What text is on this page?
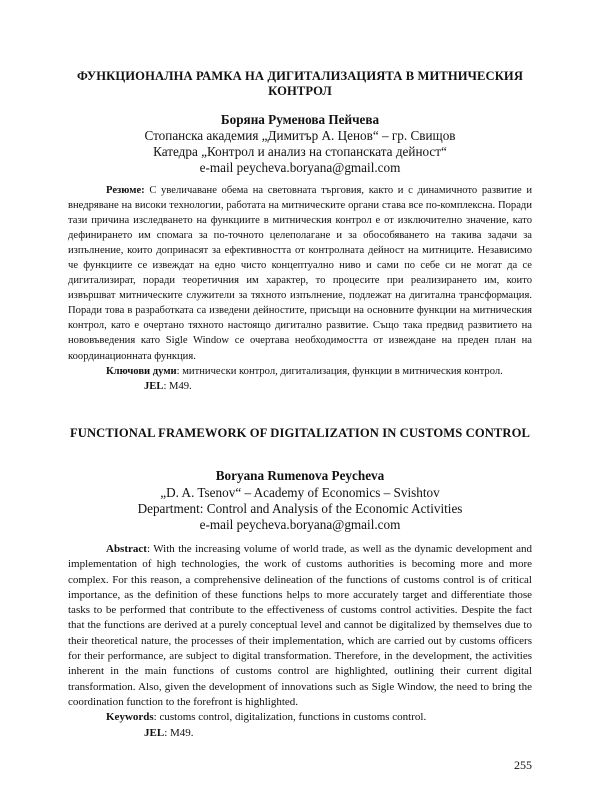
ФУНКЦИОНАЛНА РАМКА НА ДИГИТАЛИЗАЦИЯТА В МИТНИЧЕСКИЯ КОНТРОЛ
Боряна Руменова Пейчева
Стопанска академия „Димитър А. Ценов“ – гр. Свищов
Катедра „Контрол и анализ на стопанската дейност“
e-mail peycheva.boryana@gmail.com

Резюме: С увеличаване обема на световната търговия, както и с динамичното развитие и внедряване на високи технологии, работата на митническите органи става все по-комплексна. Поради тази причина изследването на функциите в митническия контрол е от изключително значение, като дефинирането им спомага за по-точното целеполагане и за обособяването на такива задачи за изпълнение, които допринасят за ефективността от контролната дейност на митниците. Независимо че функциите се извеждат на едно чисто концептуално ниво и сами по себе си не могат да се дигитализират, поради теоретичния им характер, то процесите при реализирането им, които извършват митническите служители за тяхното изпълнение, подлежат на дигитална трансформация. Поради това в разработката са изведени дейностите, присъщи на основните функции на митническия контрол, като е очертано тяхното настоящо дигитално развитие. Също така предвид развитието на нововъведения като Sigle Window се очертава необходимостта от извеждане на преден план на координационната функция.

Ключови думи: митнически контрол, дигитализация, функции в митническия контрол.

JEL: M49.

FUNCTIONAL FRAMEWORK OF DIGITALIZATION IN CUSTOMS CONTROL
Boryana Rumenova Peycheva
„D. A. Tsenov“ – Academy of Economics – Svishtov
Department: Control and Analysis of the Economic Activities
e-mail peycheva.boryana@gmail.com

Abstract: With the increasing volume of world trade, as well as the dynamic development and implementation of high technologies, the work of customs authorities is becoming more and more complex. For this reason, a comprehensive delineation of the functions of customs control is of critical importance, as the definition of these functions helps to more accurately target and differentiate those tasks to be performed that contribute to the effectiveness of customs control activities. Despite the fact that the functions are derived at a purely conceptual level and cannot be digitalized by themselves due to their theoretical nature, the processes of their implementation, which are carried out by customs officers for their performance, are subject to digital transformation. Therefore, in the development, the activities inherent in the main functions of customs control are highlighted, outlining their current digital transformation. Also, given the development of innovations such as Sigle Window, the need to bring the coordination function to the forefront is highlighted.

Keywords: customs control, digitalization, functions in customs control.

JEL: M49.

255
